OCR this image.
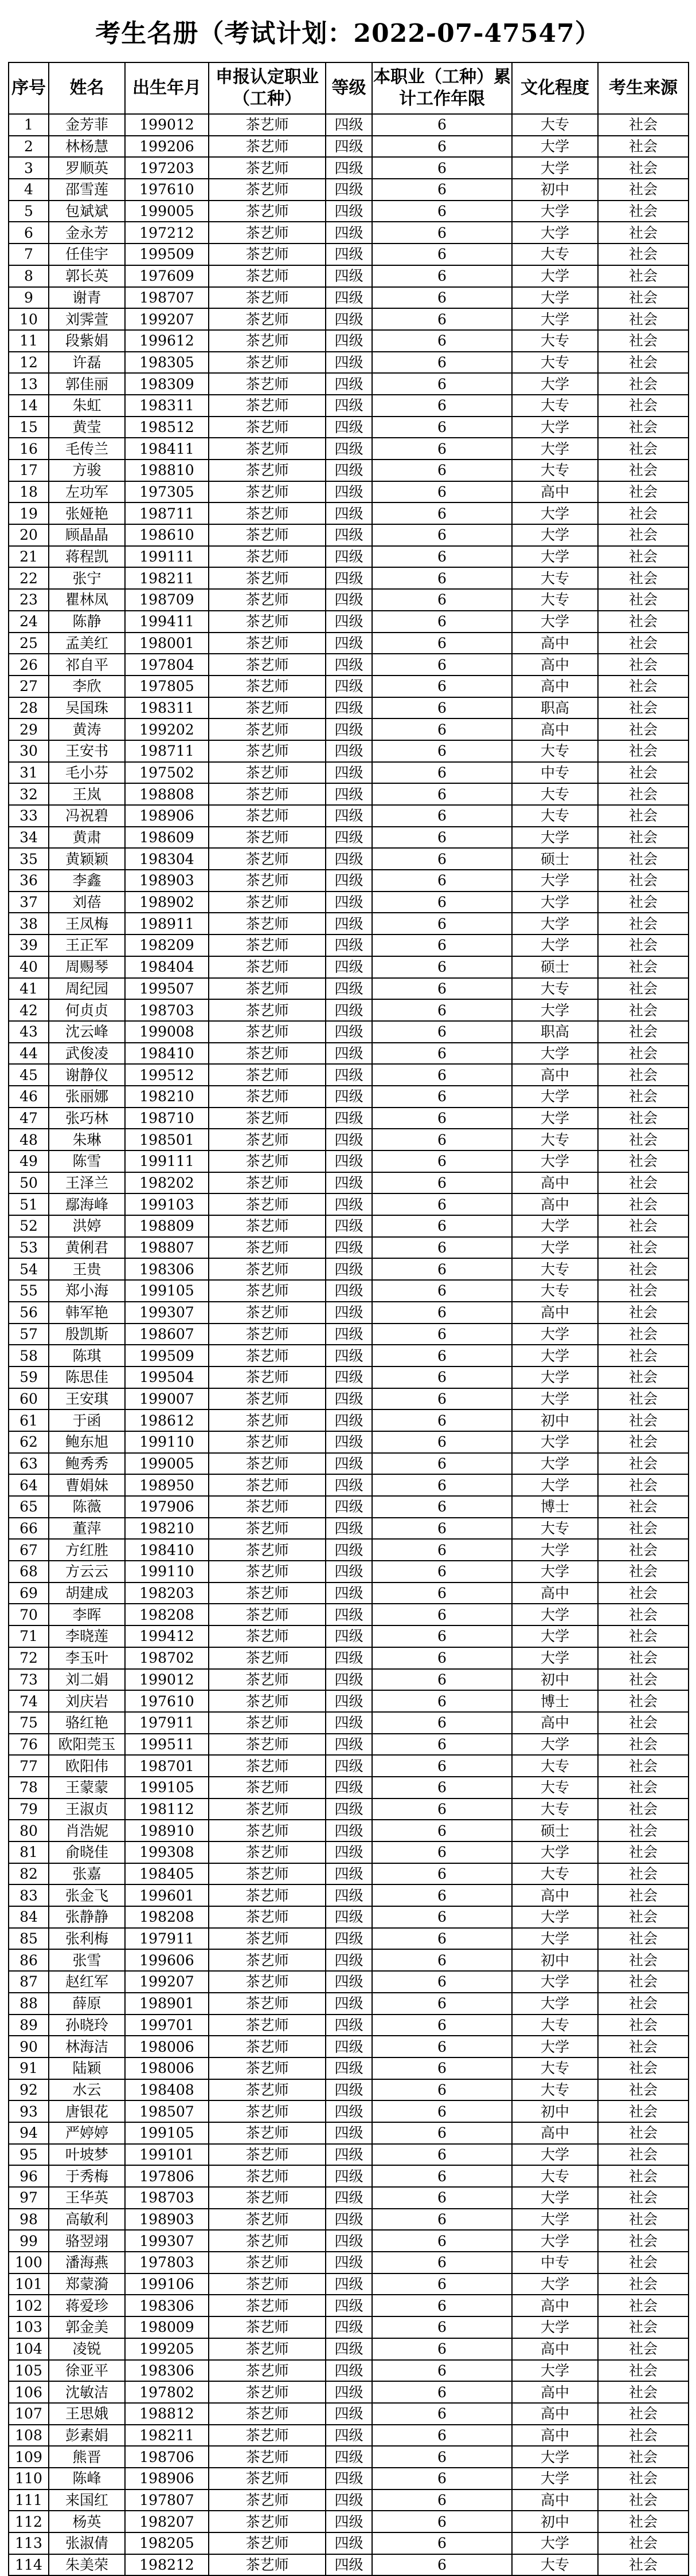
考生名册（考试计划：2022-07-47547）
序号	姓名	出生年月	申报认定职业（工种）	等级	本职业（工种）累计工作年限	文化程度	考生来源
1	金芳菲	199012	茶艺师	四级	6	大专	社会
2	林杨慧	199206	茶艺师	四级	6	大学	社会
3	罗顺英	197203	茶艺师	四级	6	大学	社会
4	邵雪莲	197610	茶艺师	四级	6	初中	社会
5	包斌斌	199005	茶艺师	四级	6	大学	社会
6	金永芳	197212	茶艺师	四级	6	大学	社会
7	任佳宇	199509	茶艺师	四级	6	大专	社会
8	郭长英	197609	茶艺师	四级	6	大学	社会
9	谢青	198707	茶艺师	四级	6	大学	社会
10	刘霁萱	199207	茶艺师	四级	6	大学	社会
11	段紫娟	199612	茶艺师	四级	6	大专	社会
12	许磊	198305	茶艺师	四级	6	大专	社会
13	郭佳丽	198309	茶艺师	四级	6	大学	社会
14	朱虹	198311	茶艺师	四级	6	大专	社会
15	黄莹	198512	茶艺师	四级	6	大学	社会
16	毛传兰	198411	茶艺师	四级	6	大学	社会
17	方骏	198810	茶艺师	四级	6	大专	社会
18	左功军	197305	茶艺师	四级	6	高中	社会
19	张娅艳	198711	茶艺师	四级	6	大学	社会
20	顾晶晶	198610	茶艺师	四级	6	大学	社会
21	蒋程凯	199111	茶艺师	四级	6	大学	社会
22	张宁	198211	茶艺师	四级	6	大专	社会
23	瞿林凤	198709	茶艺师	四级	6	大专	社会
24	陈静	199411	茶艺师	四级	6	大学	社会
25	孟美红	198001	茶艺师	四级	6	高中	社会
26	祁自平	197804	茶艺师	四级	6	高中	社会
27	李欣	197805	茶艺师	四级	6	高中	社会
28	吴国珠	198311	茶艺师	四级	6	职高	社会
29	黄涛	199202	茶艺师	四级	6	高中	社会
30	王安书	198711	茶艺师	四级	6	大专	社会
31	毛小芬	197502	茶艺师	四级	6	中专	社会
32	王岚	198808	茶艺师	四级	6	大专	社会
33	冯祝碧	198906	茶艺师	四级	6	大专	社会
34	黄肃	198609	茶艺师	四级	6	大学	社会
35	黄颖颖	198304	茶艺师	四级	6	硕士	社会
36	李鑫	198903	茶艺师	四级	6	大学	社会
37	刘蓓	198902	茶艺师	四级	6	大学	社会
38	王凤梅	198911	茶艺师	四级	6	大学	社会
39	王正军	198209	茶艺师	四级	6	大学	社会
40	周赐琴	198404	茶艺师	四级	6	硕士	社会
41	周纪园	199507	茶艺师	四级	6	大专	社会
42	何贞贞	198703	茶艺师	四级	6	大学	社会
43	沈云峰	199008	茶艺师	四级	6	职高	社会
44	武俊凌	198410	茶艺师	四级	6	大学	社会
45	谢静仪	199512	茶艺师	四级	6	高中	社会
46	张丽娜	198210	茶艺师	四级	6	大学	社会
47	张巧林	198710	茶艺师	四级	6	大学	社会
48	朱琳	198501	茶艺师	四级	6	大专	社会
49	陈雪	199111	茶艺师	四级	6	大学	社会
50	王泽兰	198202	茶艺师	四级	6	高中	社会
51	鄢海峰	199103	茶艺师	四级	6	高中	社会
52	洪婷	198809	茶艺师	四级	6	大学	社会
53	黄俐君	198807	茶艺师	四级	6	大学	社会
54	王贵	198306	茶艺师	四级	6	大专	社会
55	郑小海	199105	茶艺师	四级	6	大专	社会
56	韩军艳	199307	茶艺师	四级	6	高中	社会
57	殷凯斯	198607	茶艺师	四级	6	大学	社会
58	陈琪	199509	茶艺师	四级	6	大学	社会
59	陈思佳	199504	茶艺师	四级	6	大学	社会
60	王安琪	199007	茶艺师	四级	6	大学	社会
61	于函	198612	茶艺师	四级	6	初中	社会
62	鲍东旭	199110	茶艺师	四级	6	大学	社会
63	鲍秀秀	199005	茶艺师	四级	6	大学	社会
64	曹娟妹	198950	茶艺师	四级	6	大学	社会
65	陈薇	197906	茶艺师	四级	6	博士	社会
66	董萍	198210	茶艺师	四级	6	大专	社会
67	方红胜	198410	茶艺师	四级	6	大学	社会
68	方云云	199110	茶艺师	四级	6	大学	社会
69	胡建成	198203	茶艺师	四级	6	高中	社会
70	李晖	198208	茶艺师	四级	6	大学	社会
71	李晓莲	199412	茶艺师	四级	6	大学	社会
72	李玉叶	198702	茶艺师	四级	6	大学	社会
73	刘二娟	199012	茶艺师	四级	6	初中	社会
74	刘庆岩	197610	茶艺师	四级	6	博士	社会
75	骆红艳	197911	茶艺师	四级	6	高中	社会
76	欧阳莞玉	199511	茶艺师	四级	6	大学	社会
77	欧阳伟	198701	茶艺师	四级	6	大专	社会
78	王蒙蒙	199105	茶艺师	四级	6	大专	社会
79	王淑贞	198112	茶艺师	四级	6	大专	社会
80	肖浩妮	198910	茶艺师	四级	6	硕士	社会
81	俞晓佳	199308	茶艺师	四级	6	大学	社会
82	张嘉	198405	茶艺师	四级	6	大专	社会
83	张金飞	199601	茶艺师	四级	6	高中	社会
84	张静静	198208	茶艺师	四级	6	大学	社会
85	张利梅	197911	茶艺师	四级	6	大学	社会
86	张雪	199606	茶艺师	四级	6	初中	社会
87	赵红军	199207	茶艺师	四级	6	大学	社会
88	薛原	198901	茶艺师	四级	6	大学	社会
89	孙晓玲	199701	茶艺师	四级	6	大专	社会
90	林海洁	198006	茶艺师	四级	6	大学	社会
91	陆颖	198006	茶艺师	四级	6	大专	社会
92	水云	198408	茶艺师	四级	6	大专	社会
93	唐银花	198507	茶艺师	四级	6	初中	社会
94	严婷婷	199105	茶艺师	四级	6	高中	社会
95	叶坡梦	199101	茶艺师	四级	6	大学	社会
96	于秀梅	197806	茶艺师	四级	6	大专	社会
97	王华英	198703	茶艺师	四级	6	大学	社会
98	高敏利	198903	茶艺师	四级	6	大学	社会
99	骆翌翊	199307	茶艺师	四级	6	大学	社会
100	潘海燕	197803	茶艺师	四级	6	中专	社会
101	郑蒙漪	199106	茶艺师	四级	6	大学	社会
102	蒋爱珍	198306	茶艺师	四级	6	高中	社会
103	郭金美	198009	茶艺师	四级	6	大学	社会
104	凌锐	199205	茶艺师	四级	6	高中	社会
105	徐亚平	198306	茶艺师	四级	6	大学	社会
106	沈敏洁	197802	茶艺师	四级	6	高中	社会
107	王思娥	198812	茶艺师	四级	6	高中	社会
108	彭素娟	198211	茶艺师	四级	6	高中	社会
109	熊晋	198706	茶艺师	四级	6	大学	社会
110	陈峰	198906	茶艺师	四级	6	大学	社会
111	来国红	197807	茶艺师	四级	6	高中	社会
112	杨英	198207	茶艺师	四级	6	初中	社会
113	张淑倩	198205	茶艺师	四级	6	大学	社会
114	朱美荣	198212	茶艺师	四级	6	大专	社会
